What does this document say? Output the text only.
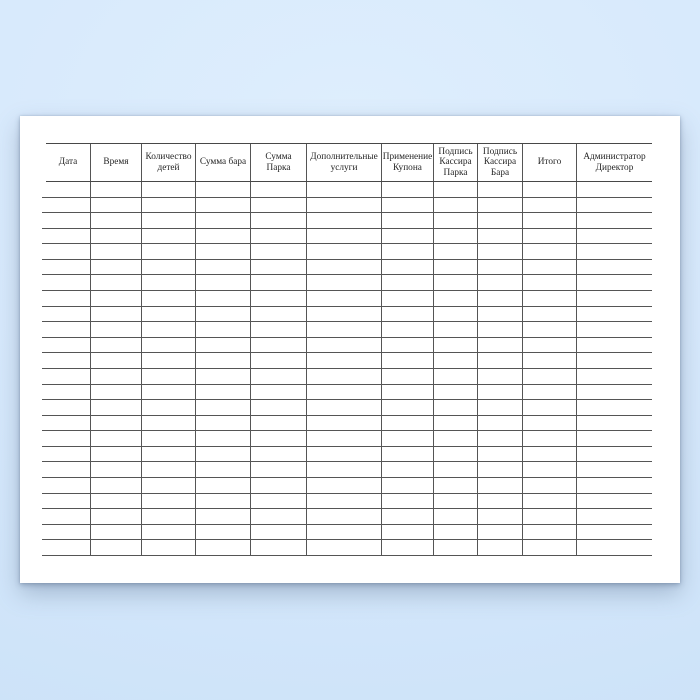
Дата	Время
Количество детей
Сумма бара
Сумма Парка
Дополнительные услуги
Применение Купона
Подпись Кассира Парка
Подпись Кассира Бара
Итого
Администратор Директор
